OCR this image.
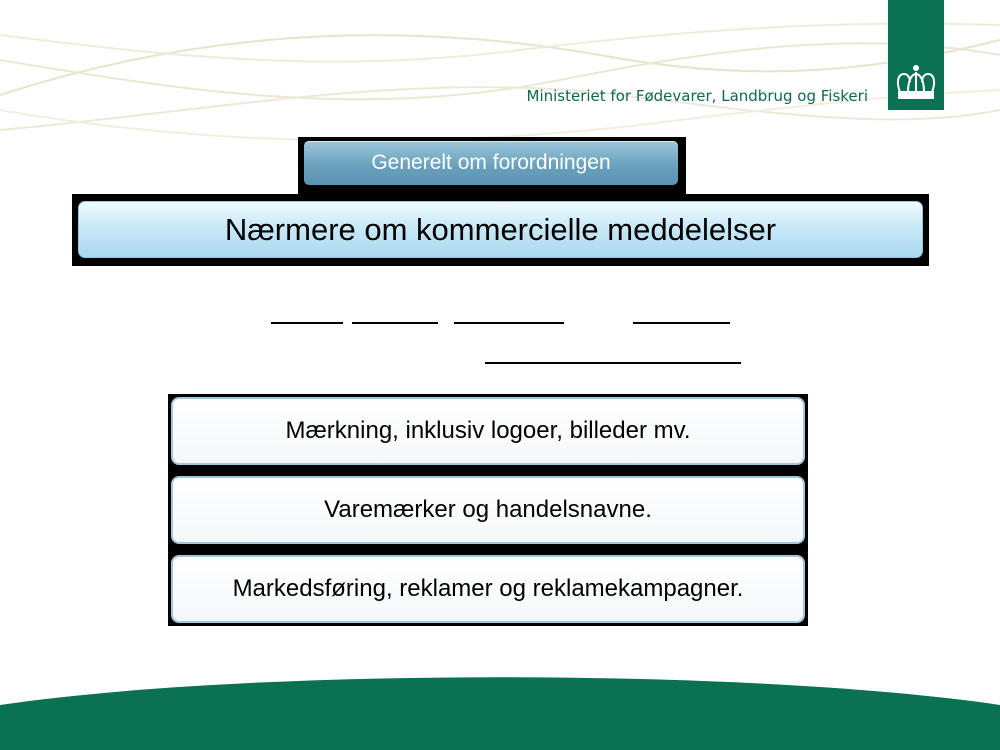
Ministeriet for Fødevarer, Landbrug og Fiskeri
Generelt om forordningen
Nærmere om kommercielle meddelelser
Mærkning, inklusiv logoer, billeder mv.
Varemærker og handelsnavne.
Markedsføring, reklamer og reklamekampagner.
